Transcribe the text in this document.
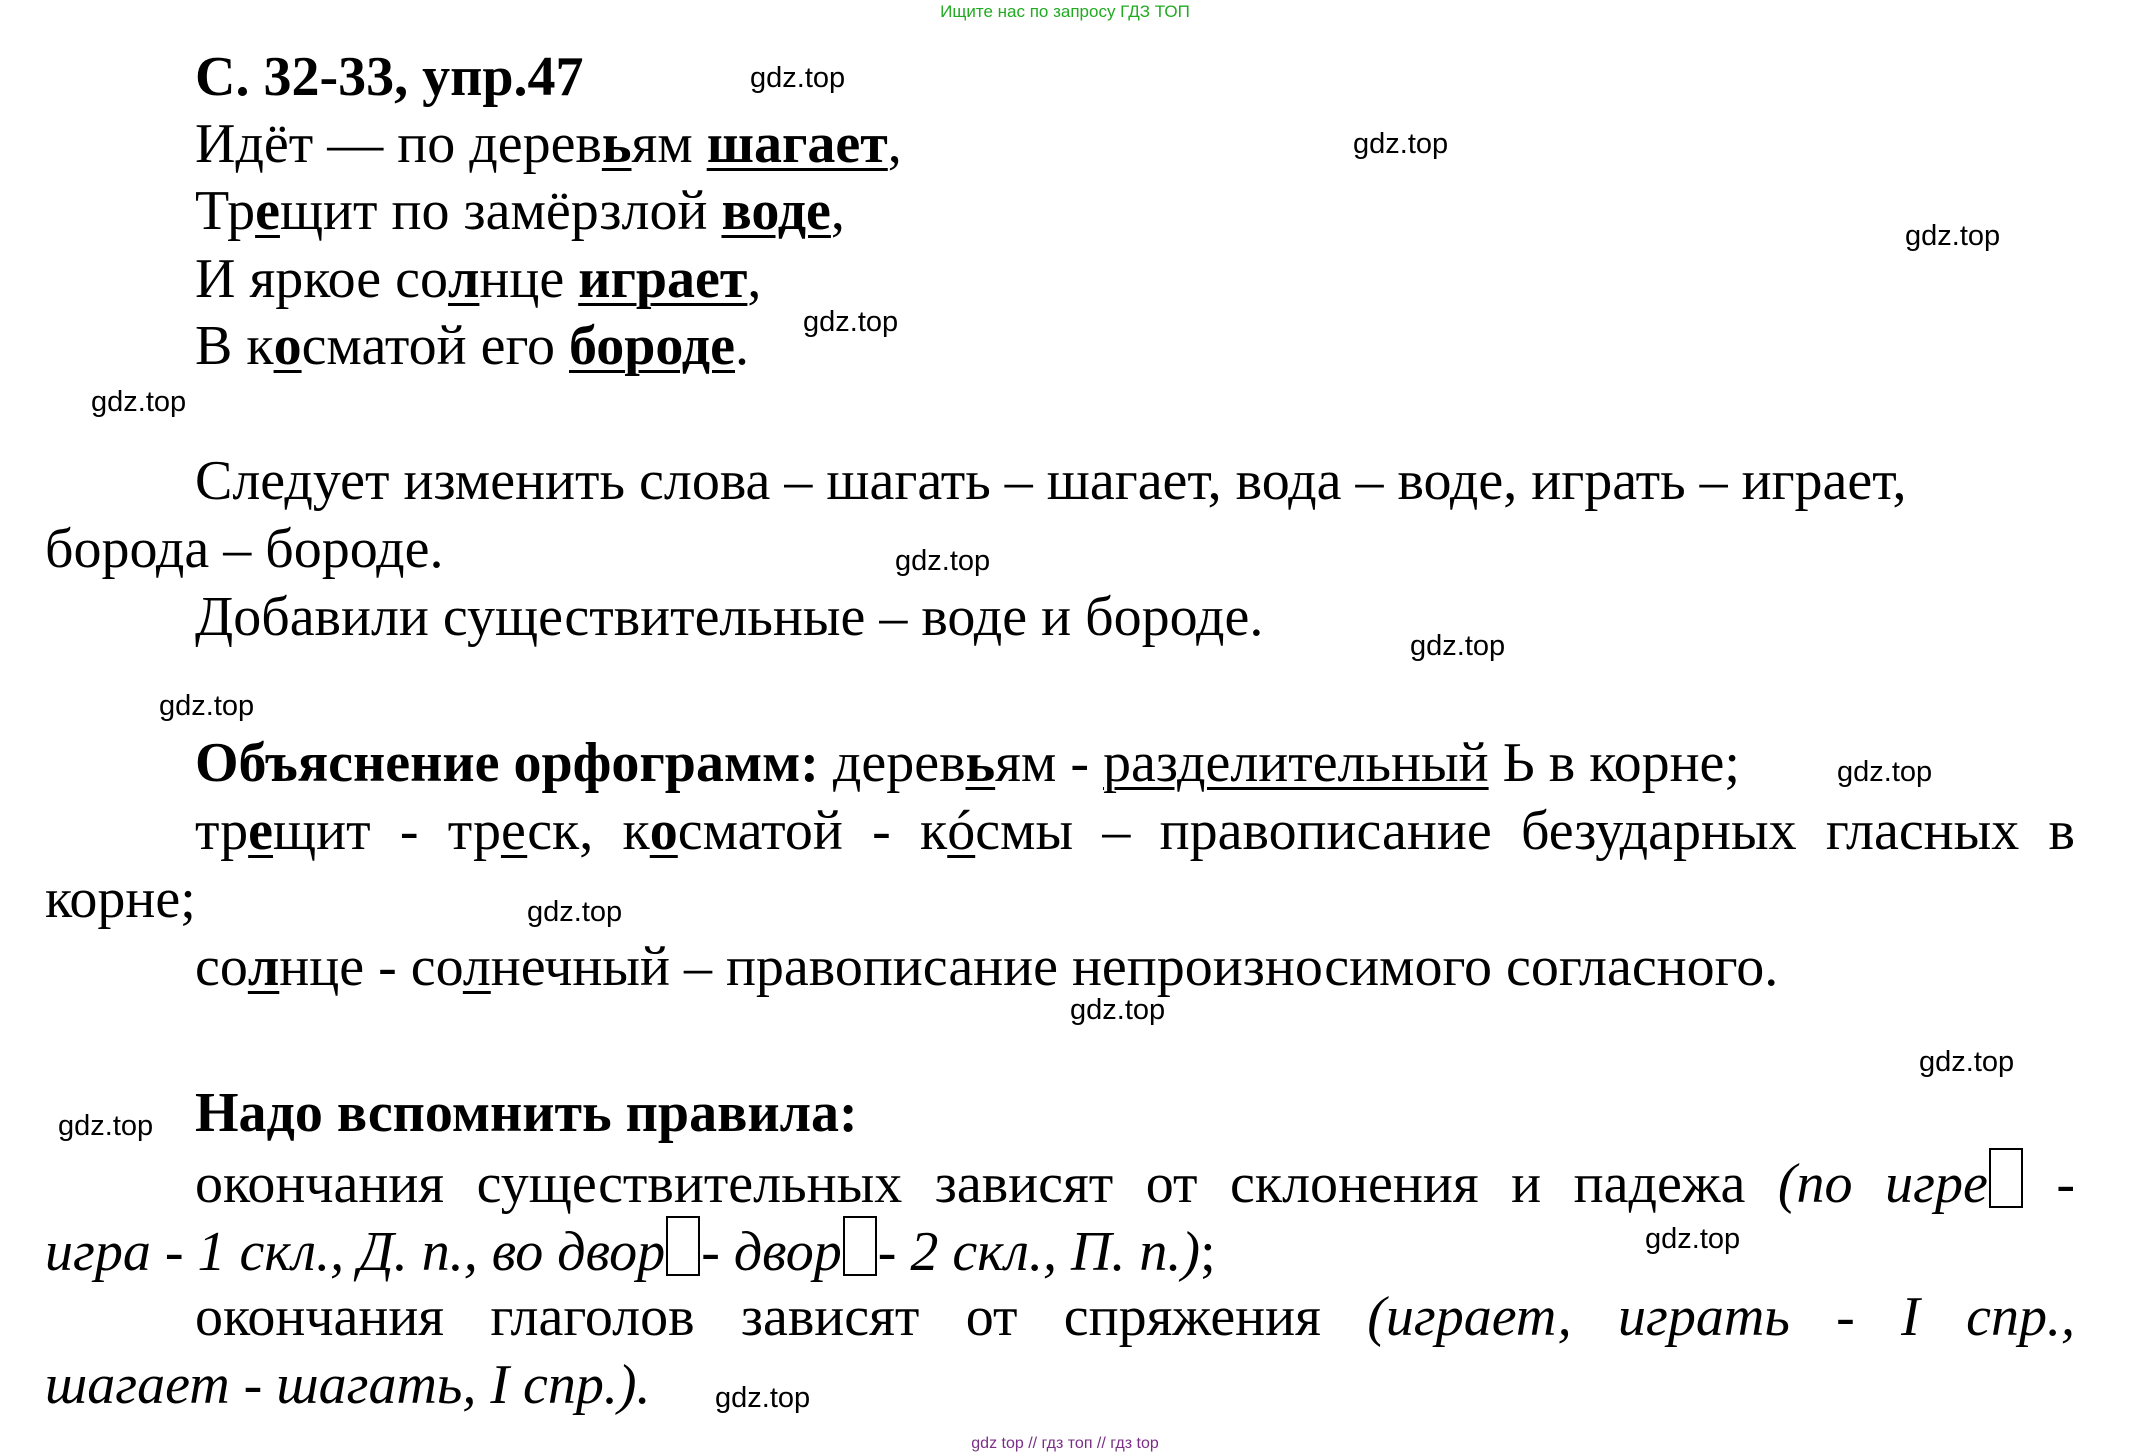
Ищите нас по запросу ГДЗ ТОП
gdz.top
gdz.top
gdz.top
gdz.top
gdz.top
gdz.top
gdz.top
gdz.top
gdz.top
gdz.top
gdz.top
gdz.top
gdz.top
gdz.top
gdz.top
С. 32-33, упр.47
Идёт — по деревьям шагает,
Трещит по замёрзлой воде,
И яркое солнце играет,
В косматой его бороде.
Следует изменить слова – шагать – шагает, вода – воде, играть – играет,
борода – бороде.
Добавили существительные – воде и бороде.
Объяснение орфограмм: деревьям - разделительный Ь в корне;
трещит - треск, косматой - кóсмы – правописание безударных гласных в
корне;
солнце - солнечный – правописание непроизносимого согласного.
Надо вспомнить правила:
окончания существительных зависят от склонения и падежа (по игре -
игра - 1 скл., Д. п., во двор - двор - 2 скл., П. п.);
окончания глаголов зависят от спряжения (играет, играть - I спр.,
шагает - шагать, I спр.).
gdz top // гдз топ // гдз top
